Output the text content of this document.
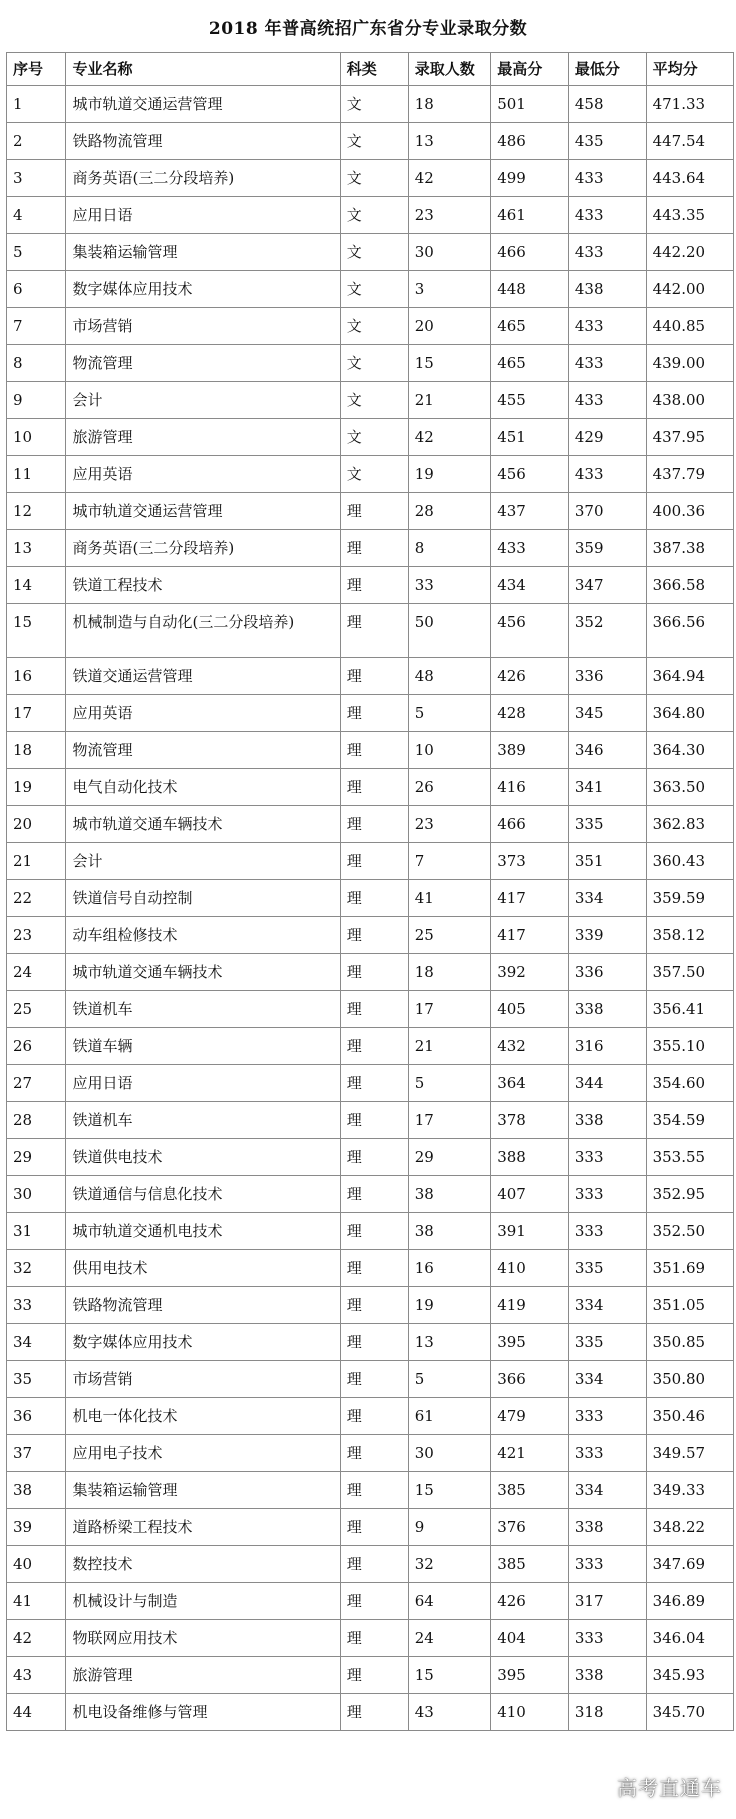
2018 年普高统招广东省分专业录取分数
序号	专业名称	科类	录取人数	最高分	最低分	平均分
1	城市轨道交通运营管理	文	18	501	458	471.33
2	铁路物流管理	文	13	486	435	447.54
3	商务英语(三二分段培养)	文	42	499	433	443.64
4	应用日语	文	23	461	433	443.35
5	集装箱运输管理	文	30	466	433	442.20
6	数字媒体应用技术	文	3	448	438	442.00
7	市场营销	文	20	465	433	440.85
8	物流管理	文	15	465	433	439.00
9	会计	文	21	455	433	438.00
10	旅游管理	文	42	451	429	437.95
11	应用英语	文	19	456	433	437.79
12	城市轨道交通运营管理	理	28	437	370	400.36
13	商务英语(三二分段培养)	理	8	433	359	387.38
14	铁道工程技术	理	33	434	347	366.58
15	机械制造与自动化(三二分段培养)	理	50	456	352	366.56
16	铁道交通运营管理	理	48	426	336	364.94
17	应用英语	理	5	428	345	364.80
18	物流管理	理	10	389	346	364.30
19	电气自动化技术	理	26	416	341	363.50
20	城市轨道交通车辆技术	理	23	466	335	362.83
21	会计	理	7	373	351	360.43
22	铁道信号自动控制	理	41	417	334	359.59
23	动车组检修技术	理	25	417	339	358.12
24	城市轨道交通车辆技术	理	18	392	336	357.50
25	铁道机车	理	17	405	338	356.41
26	铁道车辆	理	21	432	316	355.10
27	应用日语	理	5	364	344	354.60
28	铁道机车	理	17	378	338	354.59
29	铁道供电技术	理	29	388	333	353.55
30	铁道通信与信息化技术	理	38	407	333	352.95
31	城市轨道交通机电技术	理	38	391	333	352.50
32	供用电技术	理	16	410	335	351.69
33	铁路物流管理	理	19	419	334	351.05
34	数字媒体应用技术	理	13	395	335	350.85
35	市场营销	理	5	366	334	350.80
36	机电一体化技术	理	61	479	333	350.46
37	应用电子技术	理	30	421	333	349.57
38	集装箱运输管理	理	15	385	334	349.33
39	道路桥梁工程技术	理	9	376	338	348.22
40	数控技术	理	32	385	333	347.69
41	机械设计与制造	理	64	426	317	346.89
42	物联网应用技术	理	24	404	333	346.04
43	旅游管理	理	15	395	338	345.93
44	机电设备维修与管理	理	43	410	318	345.70
高考直通车
